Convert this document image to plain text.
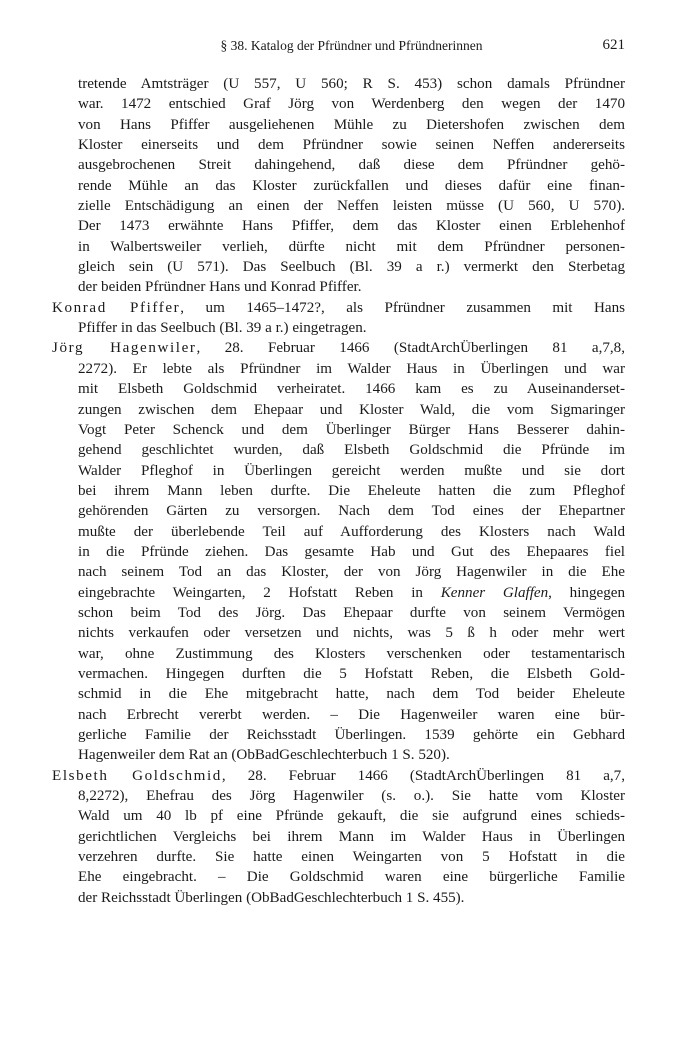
§ 38. Katalog der Pfründner und Pfründnerinnen	621
tretende Amtsträger (U 557, U 560; R S. 453) schon damals Pfründner
war. 1472 entschied Graf Jörg von Werdenberg den wegen der 1470
von Hans Pfiffer ausgeliehenen Mühle zu Dietershofen zwischen dem
Kloster einerseits und dem Pfründner sowie seinen Neffen andererseits
ausgebrochenen Streit dahingehend, daß diese dem Pfründner gehö-
rende Mühle an das Kloster zurückfallen und dieses dafür eine finan-
zielle Entschädigung an einen der Neffen leisten müsse (U 560, U 570).
Der 1473 erwähnte Hans Pfiffer, dem das Kloster einen Erblehenhof
in Walbertsweiler verlieh, dürfte nicht mit dem Pfründner personen-
gleich sein (U 571). Das Seelbuch (Bl. 39 a r.) vermerkt den Sterbetag
der beiden Pfründner Hans und Konrad Pfiffer.
Konrad Pfiffer, um 1465–1472?, als Pfründner zusammen mit Hans
Pfiffer in das Seelbuch (Bl. 39 a r.) eingetragen.
Jörg Hagenwiler, 28. Februar 1466 (StadtArchÜberlingen 81 a,7,8,
2272). Er lebte als Pfründner im Walder Haus in Überlingen und war
mit Elsbeth Goldschmid verheiratet. 1466 kam es zu Auseinanderset-
zungen zwischen dem Ehepaar und Kloster Wald, die vom Sigmaringer
Vogt Peter Schenck und dem Überlinger Bürger Hans Besserer dahin-
gehend geschlichtet wurden, daß Elsbeth Goldschmid die Pfründe im
Walder Pfleghof in Überlingen gereicht werden mußte und sie dort
bei ihrem Mann leben durfte. Die Eheleute hatten die zum Pfleghof
gehörenden Gärten zu versorgen. Nach dem Tod eines der Ehepartner
mußte der überlebende Teil auf Aufforderung des Klosters nach Wald
in die Pfründe ziehen. Das gesamte Hab und Gut des Ehepaares fiel
nach seinem Tod an das Kloster, der von Jörg Hagenwiler in die Ehe
eingebrachte Weingarten, 2 Hofstatt Reben in Kenner Glaffen, hingegen
schon beim Tod des Jörg. Das Ehepaar durfte von seinem Vermögen
nichts verkaufen oder versetzen und nichts, was 5 ß h oder mehr wert
war, ohne Zustimmung des Klosters verschenken oder testamentarisch
vermachen. Hingegen durften die 5 Hofstatt Reben, die Elsbeth Gold-
schmid in die Ehe mitgebracht hatte, nach dem Tod beider Eheleute
nach Erbrecht vererbt werden. – Die Hagenweiler waren eine bür-
gerliche Familie der Reichsstadt Überlingen. 1539 gehörte ein Gebhard
Hagenweiler dem Rat an (ObBadGeschlechterbuch 1 S. 520).
Elsbeth Goldschmid, 28. Februar 1466 (StadtArchÜberlingen 81 a,7,
8,2272), Ehefrau des Jörg Hagenwiler (s. o.). Sie hatte vom Kloster
Wald um 40 lb pf eine Pfründe gekauft, die sie aufgrund eines schieds-
gerichtlichen Vergleichs bei ihrem Mann im Walder Haus in Überlingen
verzehren durfte. Sie hatte einen Weingarten von 5 Hofstatt in die
Ehe eingebracht. – Die Goldschmid waren eine bürgerliche Familie
der Reichsstadt Überlingen (ObBadGeschlechterbuch 1 S. 455).
